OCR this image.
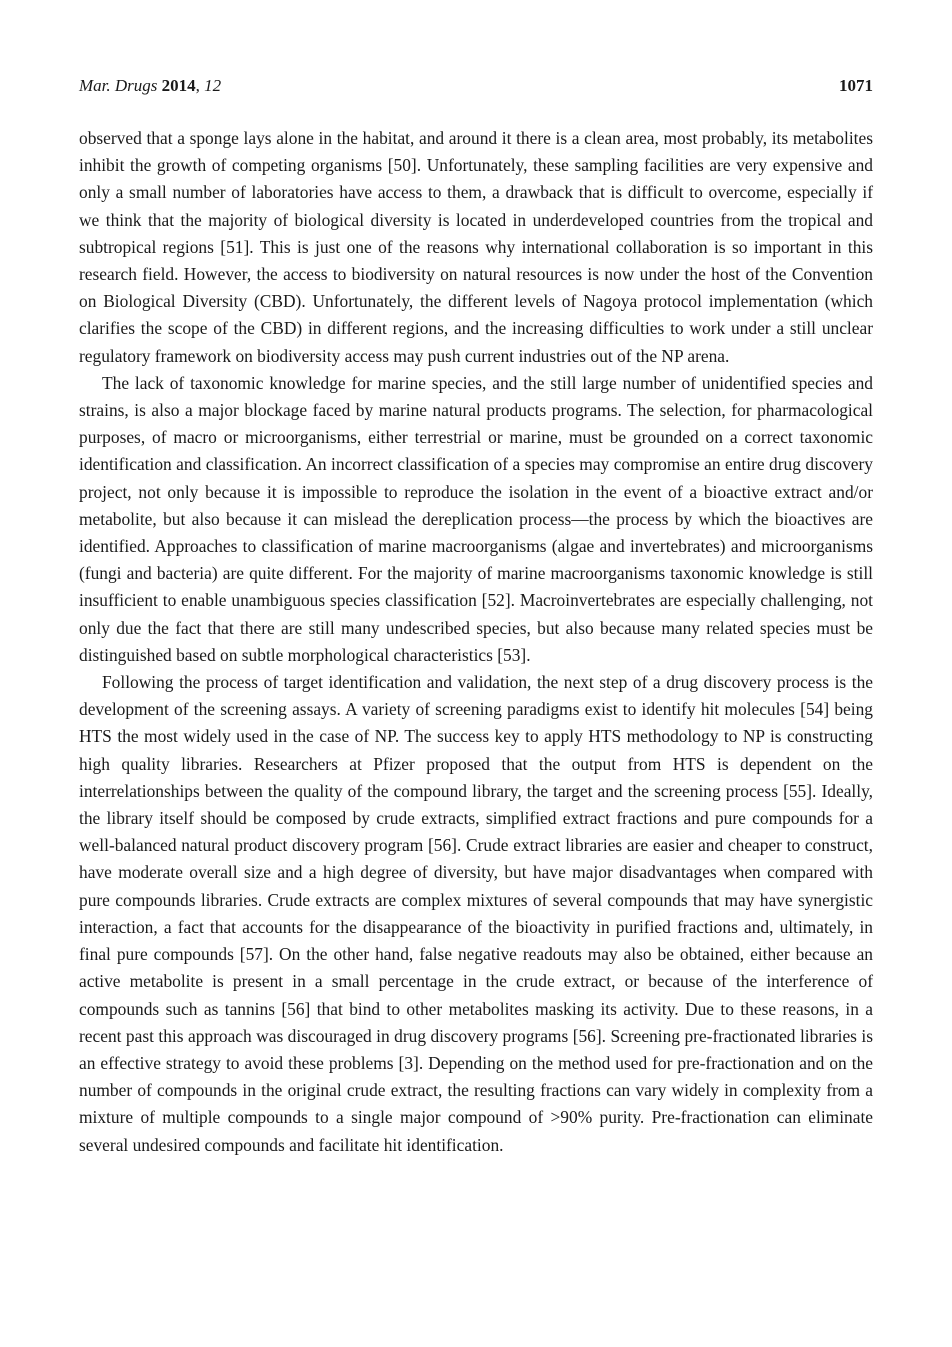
Mar. Drugs 2014, 12	1071

observed that a sponge lays alone in the habitat, and around it there is a clean area, most probably, its metabolites inhibit the growth of competing organisms [50]. Unfortunately, these sampling facilities are very expensive and only a small number of laboratories have access to them, a drawback that is difficult to overcome, especially if we think that the majority of biological diversity is located in underdeveloped countries from the tropical and subtropical regions [51]. This is just one of the reasons why international collaboration is so important in this research field. However, the access to biodiversity on natural resources is now under the host of the Convention on Biological Diversity (CBD). Unfortunately, the different levels of Nagoya protocol implementation (which clarifies the scope of the CBD) in different regions, and the increasing difficulties to work under a still unclear regulatory framework on biodiversity access may push current industries out of the NP arena.

The lack of taxonomic knowledge for marine species, and the still large number of unidentified species and strains, is also a major blockage faced by marine natural products programs. The selection, for pharmacological purposes, of macro or microorganisms, either terrestrial or marine, must be grounded on a correct taxonomic identification and classification. An incorrect classification of a species may compromise an entire drug discovery project, not only because it is impossible to reproduce the isolation in the event of a bioactive extract and/or metabolite, but also because it can mislead the dereplication process—the process by which the bioactives are identified. Approaches to classification of marine macroorganisms (algae and invertebrates) and microorganisms (fungi and bacteria) are quite different. For the majority of marine macroorganisms taxonomic knowledge is still insufficient to enable unambiguous species classification [52]. Macroinvertebrates are especially challenging, not only due the fact that there are still many undescribed species, but also because many related species must be distinguished based on subtle morphological characteristics [53].

Following the process of target identification and validation, the next step of a drug discovery process is the development of the screening assays. A variety of screening paradigms exist to identify hit molecules [54] being HTS the most widely used in the case of NP. The success key to apply HTS methodology to NP is constructing high quality libraries. Researchers at Pfizer proposed that the output from HTS is dependent on the interrelationships between the quality of the compound library, the target and the screening process [55]. Ideally, the library itself should be composed by crude extracts, simplified extract fractions and pure compounds for a well-balanced natural product discovery program [56]. Crude extract libraries are easier and cheaper to construct, have moderate overall size and a high degree of diversity, but have major disadvantages when compared with pure compounds libraries. Crude extracts are complex mixtures of several compounds that may have synergistic interaction, a fact that accounts for the disappearance of the bioactivity in purified fractions and, ultimately, in final pure compounds [57]. On the other hand, false negative readouts may also be obtained, either because an active metabolite is present in a small percentage in the crude extract, or because of the interference of compounds such as tannins [56] that bind to other metabolites masking its activity. Due to these reasons, in a recent past this approach was discouraged in drug discovery programs [56]. Screening pre-fractionated libraries is an effective strategy to avoid these problems [3]. Depending on the method used for pre-fractionation and on the number of compounds in the original crude extract, the resulting fractions can vary widely in complexity from a mixture of multiple compounds to a single major compound of >90% purity. Pre-fractionation can eliminate several undesired compounds and facilitate hit identification.
